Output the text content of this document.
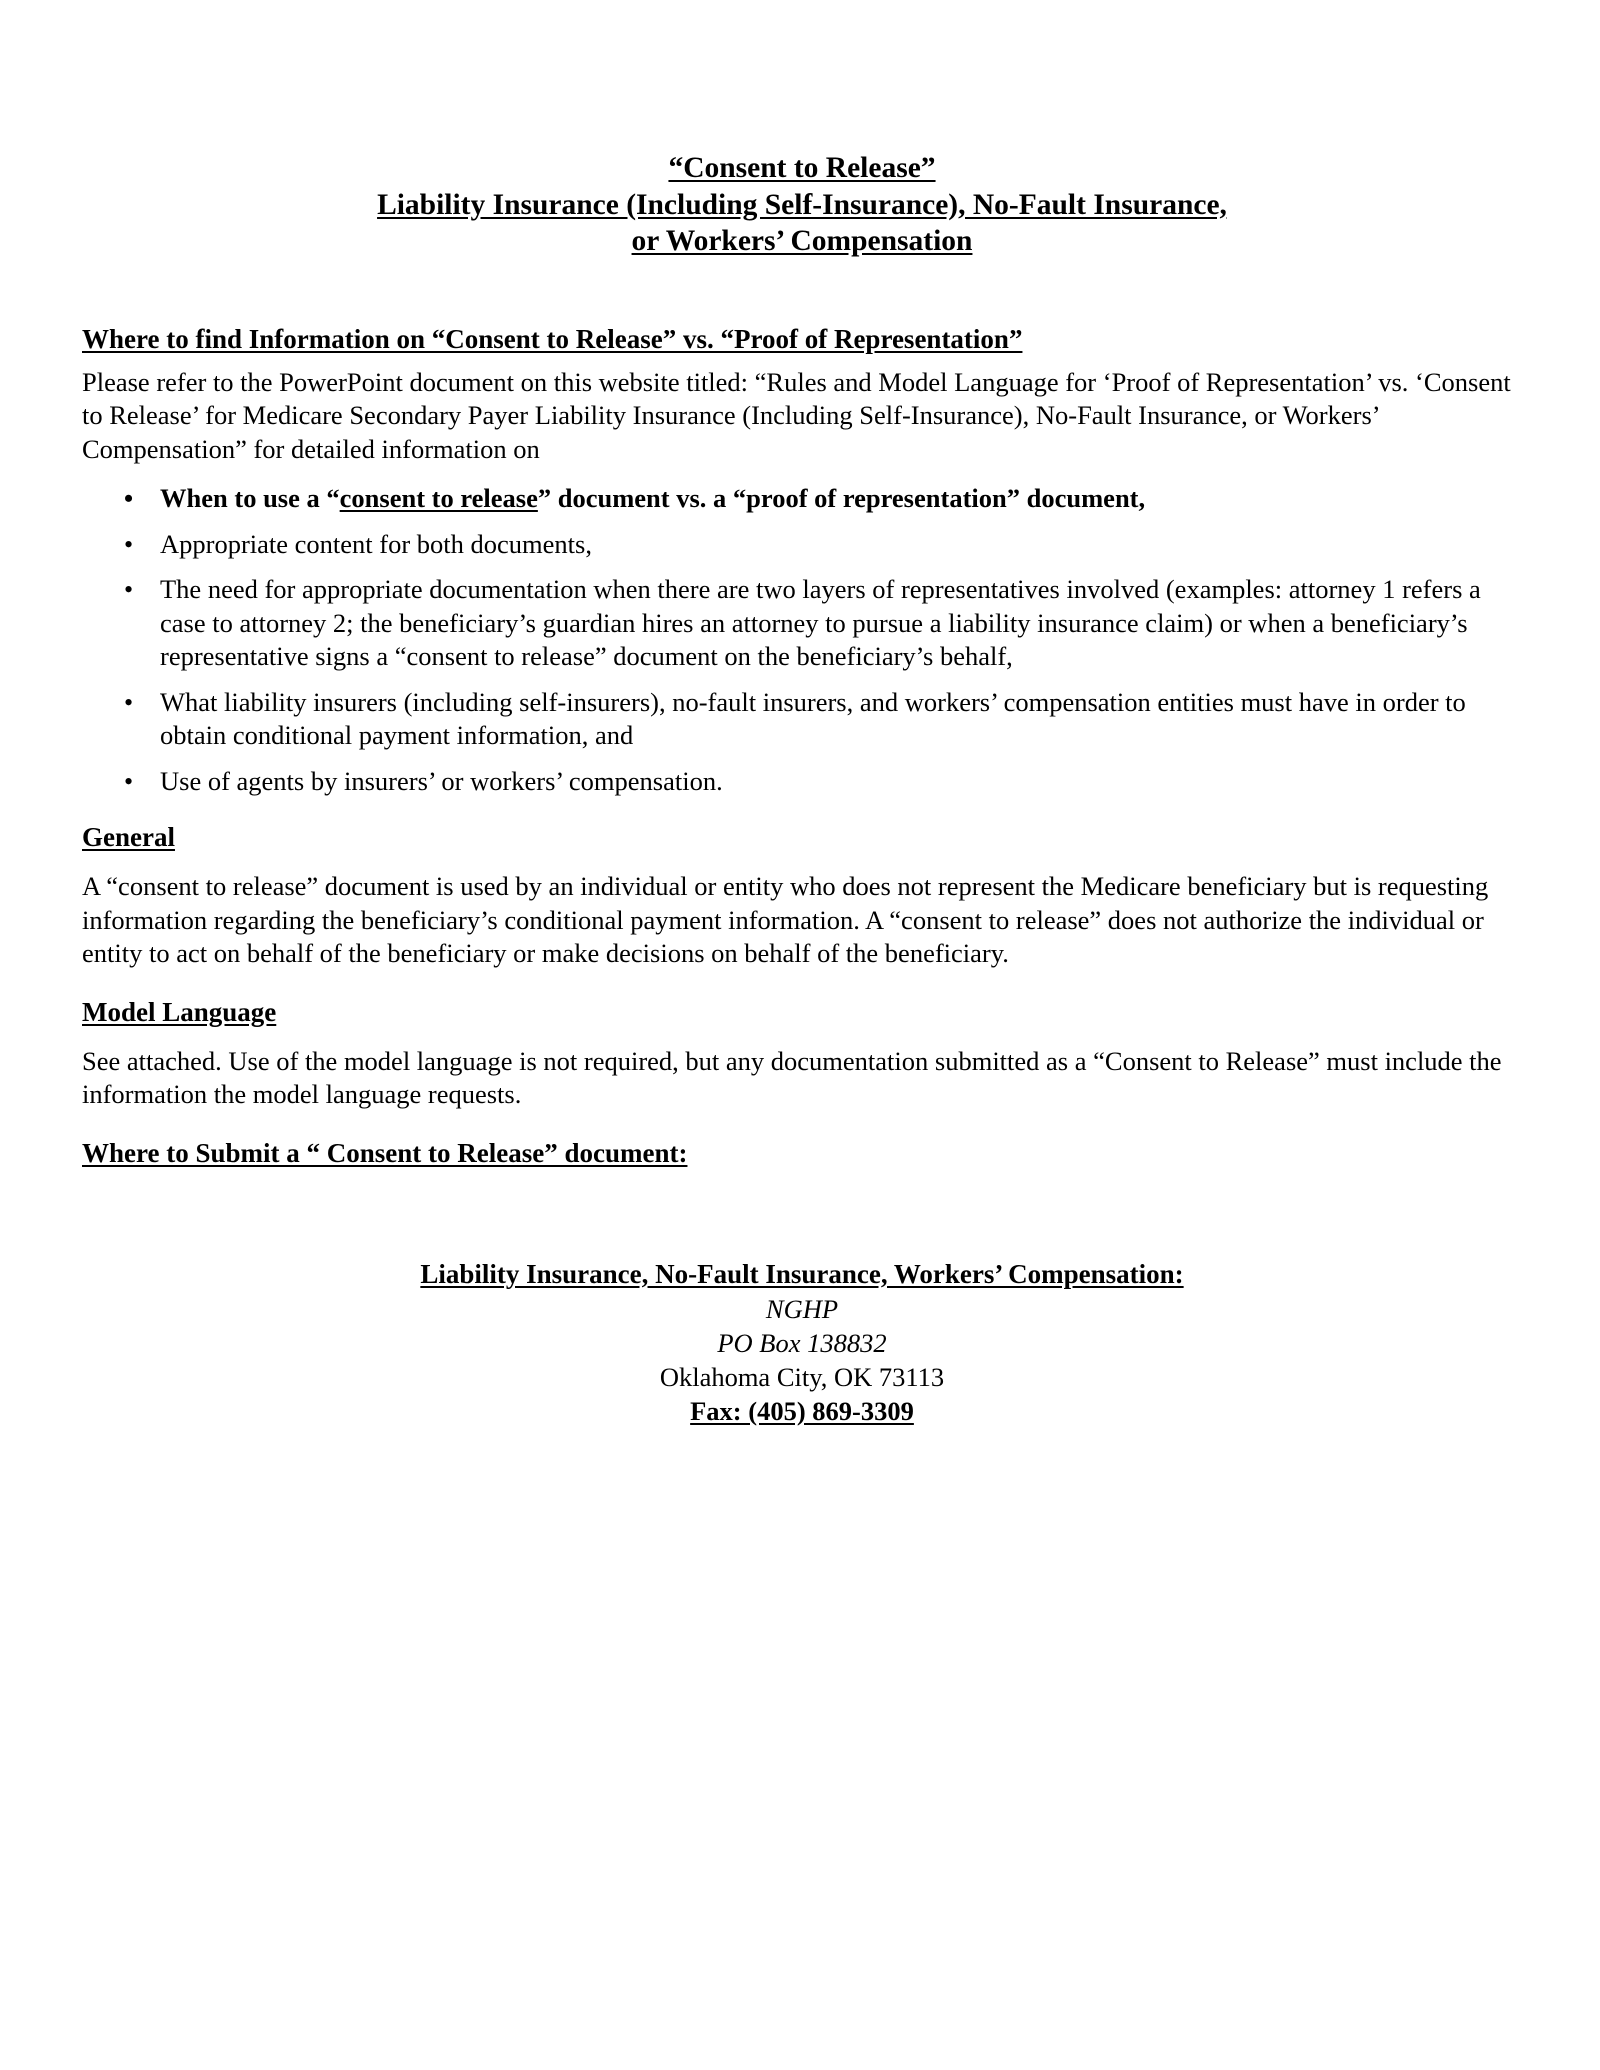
“Consent to Release”
Liability Insurance (Including Self-Insurance), No-Fault Insurance,
or Workers’ Compensation
Where to find Information on “Consent to Release” vs. “Proof of Representation”

Please refer to the PowerPoint document on this website titled: “Rules and Model Language for ‘Proof of Representation’ vs. ‘Consent to Release’ for Medicare Secondary Payer Liability Insurance (Including Self-Insurance), No-Fault Insurance, or Workers’ Compensation” for detailed information on

• When to use a “consent to release” document vs. a “proof of representation” document,
• Appropriate content for both documents,
• The need for appropriate documentation when there are two layers of representatives involved (examples: attorney 1 refers a case to attorney 2; the beneficiary’s guardian hires an attorney to pursue a liability insurance claim) or when a beneficiary’s representative signs a “consent to release” document on the beneficiary’s behalf,
• What liability insurers (including self-insurers), no-fault insurers, and workers’ compensation entities must have in order to obtain conditional payment information, and
• Use of agents by insurers’ or workers’ compensation.
General

A “consent to release” document is used by an individual or entity who does not represent the Medicare beneficiary but is requesting information regarding the beneficiary’s conditional payment information. A “consent to release” does not authorize the individual or entity to act on behalf of the beneficiary or make decisions on behalf of the beneficiary.

Model Language

See attached. Use of the model language is not required, but any documentation submitted as a “Consent to Release” must include the information the model language requests.

Where to Submit a “ Consent to Release” document:
Liability Insurance, No-Fault Insurance, Workers’ Compensation:
NGHP
PO Box 138832
Oklahoma City, OK 73113
Fax: (405) 869-3309
